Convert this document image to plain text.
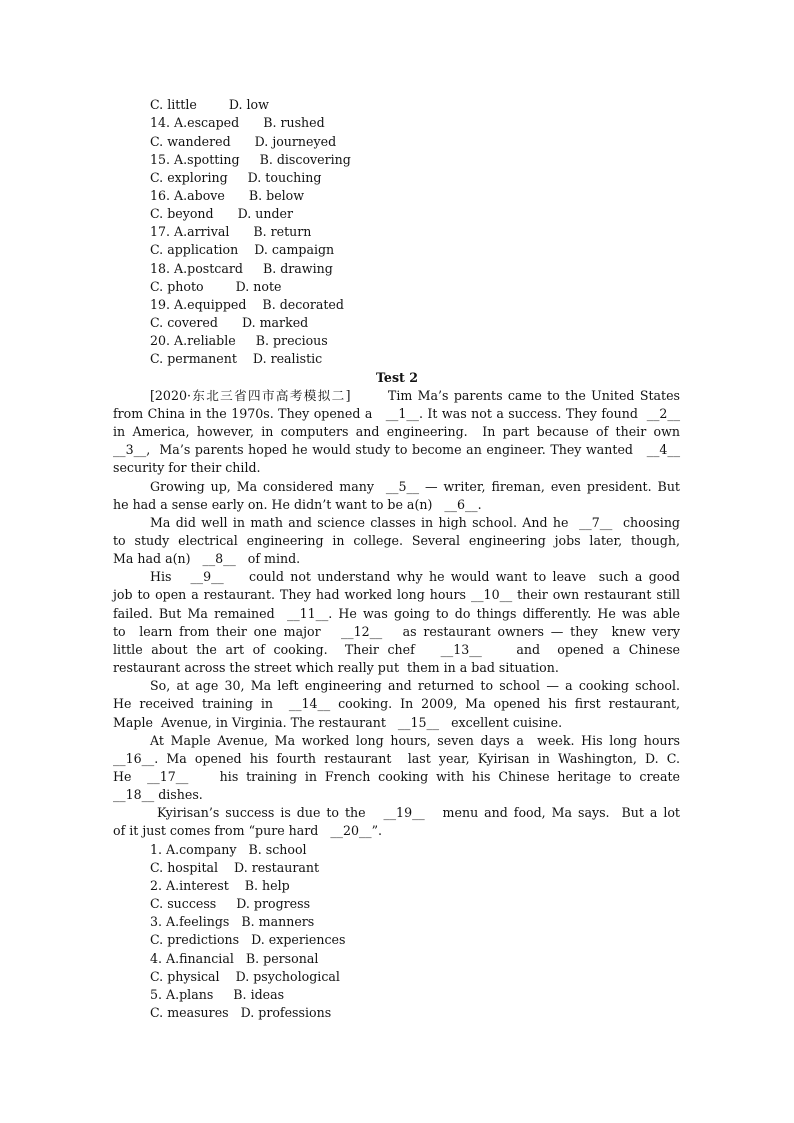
C. little        D. low
14. A.escaped      B. rushed
C. wandered      D. journeyed
15. A.spotting     B. discovering
C. exploring     D. touching
16. A.above      B. below
C. beyond      D. under
17. A.arrival      B. return
C. application    D. campaign
18. A.postcard     B. drawing
C. photo        D. note
19. A.equipped    B. decorated
C. covered      D. marked
20. A.reliable     B. precious
C. permanent    D. realistic
Test 2
[2020·东北三省四市高考模拟二]       Tim Ma’s parents came to the United States
from China in the 1970s. They opened a   __1__. It was not a success. They found  __2__
in America, however, in computers and engineering.  In part because of their own
__3__,  Ma’s parents hoped he would study to become an engineer. They wanted   __4__
security for their child.
Growing up, Ma considered many  __5__ — writer, fireman, even president. But
he had a sense early on. He didn’t want to be a(n)   __6__.
Ma did well in math and science classes in high school. And he  __7__  choosing
to study electrical engineering in college. Several engineering jobs later, though,
Ma had a(n)   __8__   of mind.
His   __9__    could not understand why he would want to leave  such a good
job to open a restaurant. They had worked long hours __10__ their own restaurant still
failed. But Ma remained  __11__. He was going to do things differently. He was able
to  learn from their one major   __12__   as restaurant owners — they  knew very
little about the art of cooking.  Their chef   __13__    and  opened a Chinese
restaurant across the street which really put  them in a bad situation.
So, at age 30, Ma left engineering and returned to school — a cooking school.
He received training in  __14__ cooking. In 2009, Ma opened his first restaurant,
Maple  Avenue, in Virginia. The restaurant   __15__   excellent cuisine.
At Maple Avenue, Ma worked long hours, seven days a  week. His long hours
__16__. Ma opened his fourth restaurant  last year, Kyirisan in Washington, D. C.
He  __17__    his training in French cooking with his Chinese heritage to create
__18__ dishes.
Kyirisan’s success is due to the   __19__   menu and food, Ma says.  But a lot
of it just comes from “pure hard   __20__”.
1. A.company   B. school
C. hospital    D. restaurant
2. A.interest    B. help
C. success     D. progress
3. A.feelings   B. manners
C. predictions   D. experiences
4. A.financial   B. personal
C. physical    D. psychological
5. A.plans     B. ideas
C. measures   D. professions
